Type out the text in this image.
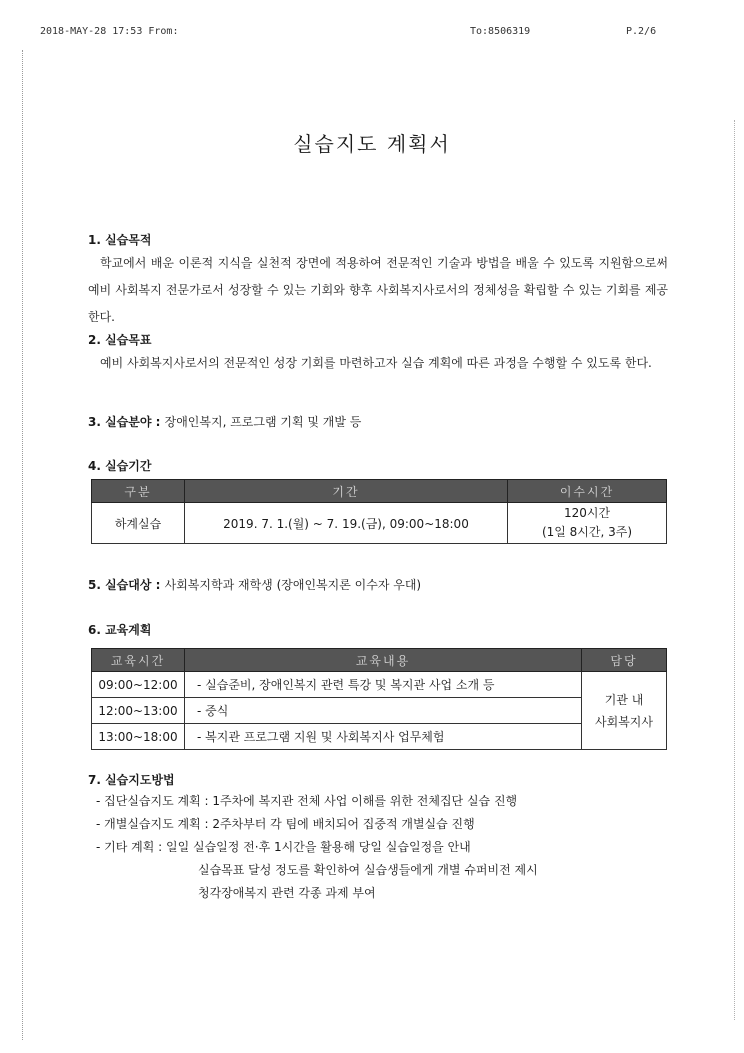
2018-MAY-28 17:53 From:	To:8506319	P.2/6
실습지도 계획서

1. 실습목적

학교에서 배운 이론적 지식을 실천적 장면에 적용하여 전문적인 기술과 방법을 배울 수 있도록 지원함으로써 예비 사회복지 전문가로서 성장할 수 있는 기회와 향후 사회복지사로서의 정체성을 확립할 수 있는 기회를 제공한다.

2. 실습목표

예비 사회복지사로서의 전문적인 성장 기회를 마련하고자 실습 계획에 따른 과정을 수행할 수 있도록 한다.

3. 실습분야 : 장애인복지, 프로그램 기획 및 개발 등

4. 실습기간

구분	기간	이수시간
하계실습	2019. 7. 1.(월) ~ 7. 19.(금), 09:00~18:00	120시간
(1일 8시간, 3주)

5. 실습대상 : 사회복지학과 재학생 (장애인복지론 이수자 우대)

6. 교육계획

교육시간	교육내용	담당
09:00~12:00	- 실습준비, 장애인복지 관련 특강 및 복지관 사업 소개 등	기관 내
사회복지사

12:00~13:00	- 중식	
13:00~18:00	- 복지관 프로그램 지원 및 사회복지사 업무체험	

7. 실습지도방법

- 집단실습지도 계획 : 1주차에 복지관 전체 사업 이해를 위한 전체집단 실습 진행
- 개별실습지도 계획 : 2주차부터 각 팀에 배치되어 집중적 개별실습 진행
- 기타 계획 : 일일 실습일정 전·후 1시간을 활용해 당일 실습일정을 안내
실습목표 달성 정도를 확인하여 실습생들에게 개별 슈퍼비전 제시
청각장애복지 관련 각종 과제 부여
